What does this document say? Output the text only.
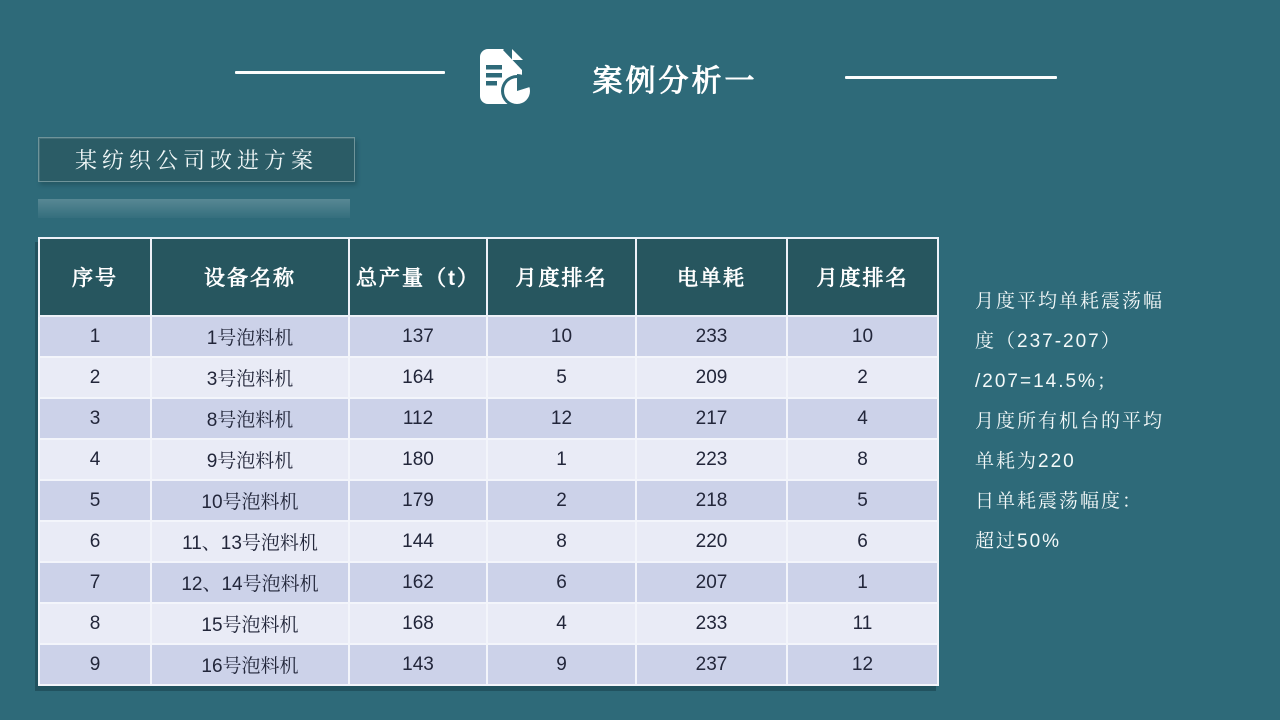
案例分析一
某纺织公司改进方案
序号	设备名称	总产量（t）	月度排名	电单耗	月度排名
1	1号泡料机	137	10	233	10
2	3号泡料机	164	5	209	2
3	8号泡料机	112	12	217	4
4	9号泡料机	180	1	223	8
5	10号泡料机	179	2	218	5
6	11、13号泡料机	144	8	220	6
7	12、14号泡料机	162	6	207	1
8	15号泡料机	168	4	233	11
9	16号泡料机	143	9	237	12
月度平均单耗震荡幅
度（237-207）
/207=14.5%；
月度所有机台的平均
单耗为220
日单耗震荡幅度：
超过50%
